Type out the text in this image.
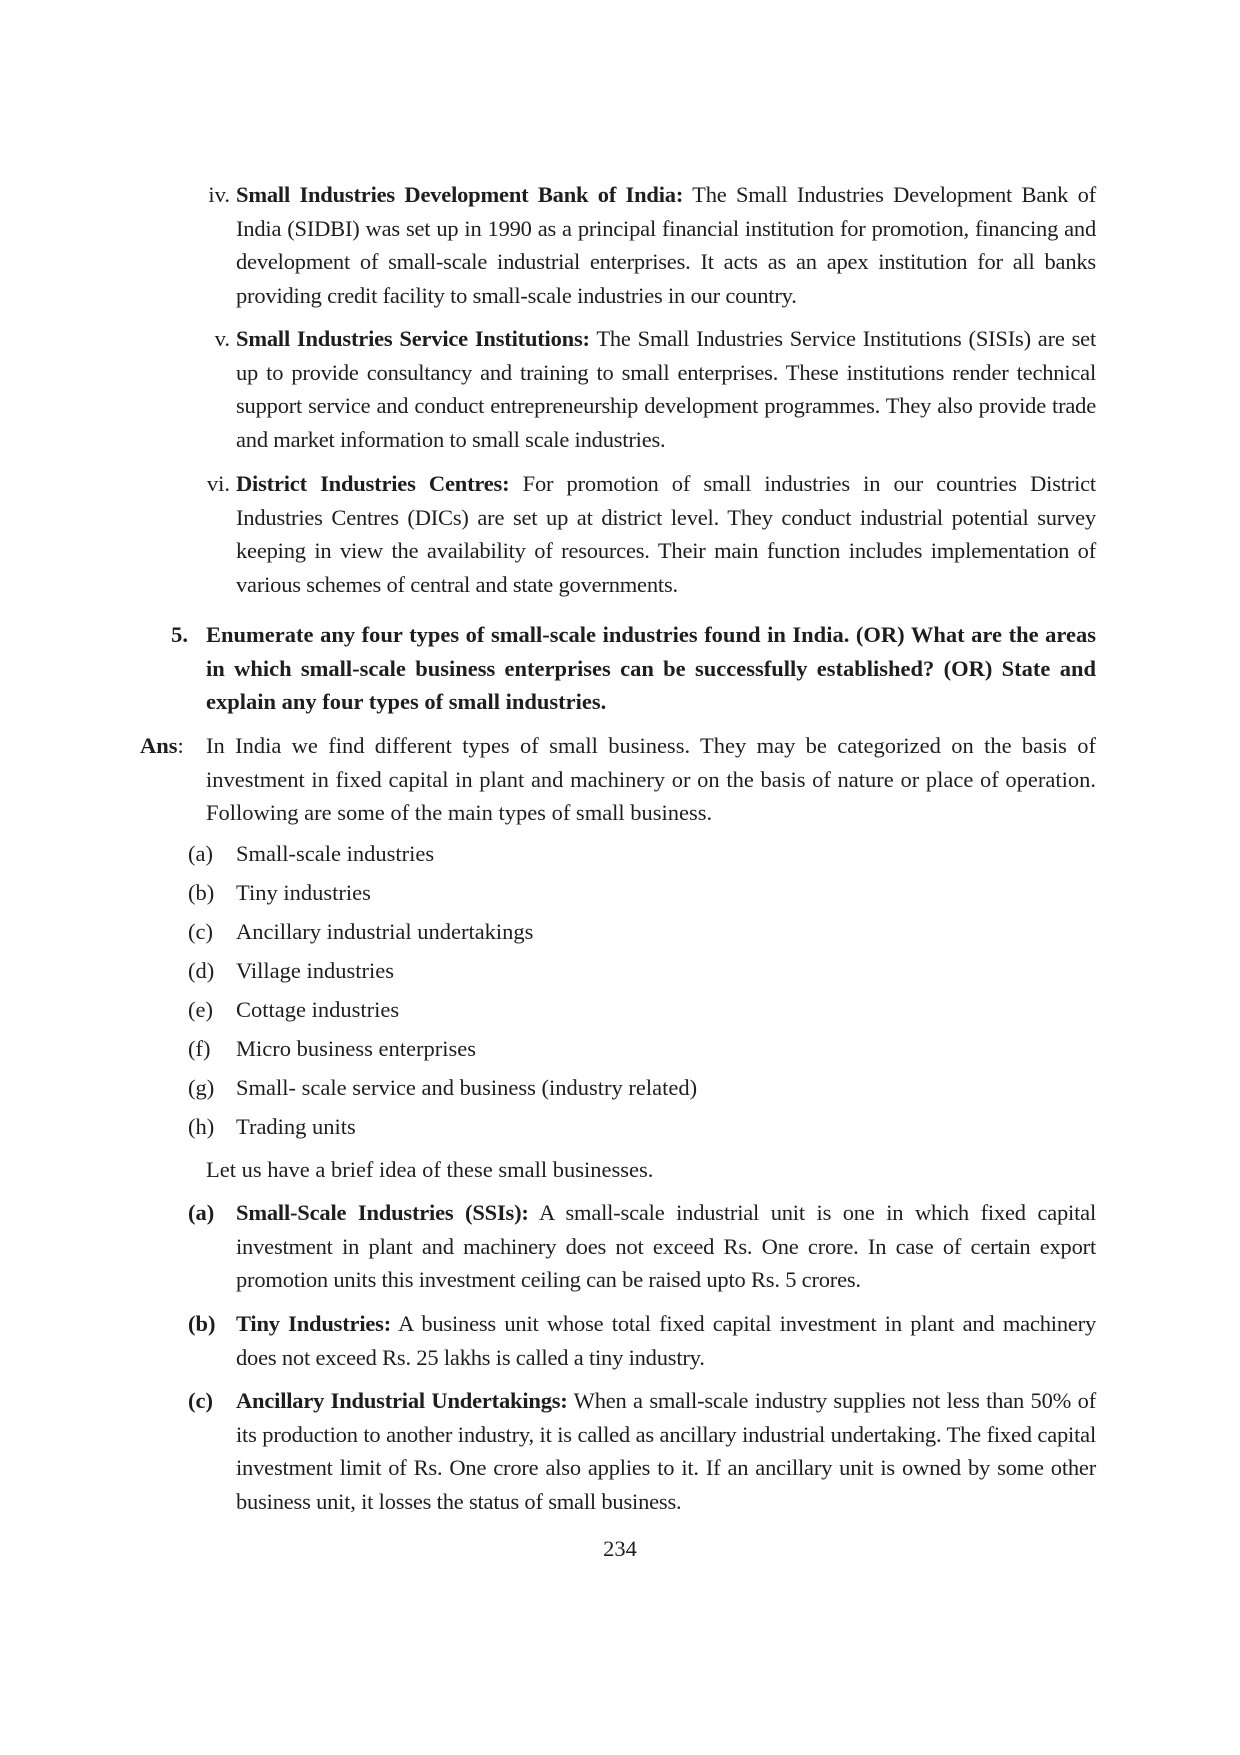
iv. Small Industries Development Bank of India: The Small Industries Development Bank of India (SIDBI) was set up in 1990 as a principal financial institution for promotion, financing and development of small-scale industrial enterprises. It acts as an apex institution for all banks providing credit facility to small-scale industries in our country.
v. Small Industries Service Institutions: The Small Industries Service Institutions (SISIs) are set up to provide consultancy and training to small enterprises. These institutions render technical support service and conduct entrepreneurship development programmes. They also provide trade and market information to small scale industries.
vi. District Industries Centres: For promotion of small industries in our countries District Industries Centres (DICs) are set up at district level. They conduct industrial potential survey keeping in view the availability of resources. Their main function includes implementation of various schemes of central and state governments.
5. Enumerate any four types of small-scale industries found in India. (OR) What are the areas in which small-scale business enterprises can be successfully established? (OR) State and explain any four types of small industries.
Ans: In India we find different types of small business. They may be categorized on the basis of investment in fixed capital in plant and machinery or on the basis of nature or place of operation. Following are some of the main types of small business.
(a)	Small-scale industries
(b) Tiny industries
(c)	Ancillary industrial undertakings
(d) Village industries
(e)	Cottage industries
(f)	Micro business enterprises
(g) Small- scale service and business (industry related)
(h) Trading units
Let us have a brief idea of these small businesses.
(a) Small-Scale Industries (SSIs): A small-scale industrial unit is one in which fixed capital investment in plant and machinery does not exceed Rs. One crore. In case of certain export promotion units this investment ceiling can be raised upto Rs. 5 crores.
(b) Tiny Industries: A business unit whose total fixed capital investment in plant and machinery does not exceed Rs. 25 lakhs is called a tiny industry.
(c)	Ancillary Industrial Undertakings: When a small-scale industry supplies not less than 50% of its production to another industry, it is called as ancillary industrial undertaking. The fixed capital investment limit of Rs. One crore also applies to it. If an ancillary unit is owned by some other business unit, it losses the status of small business.
234
